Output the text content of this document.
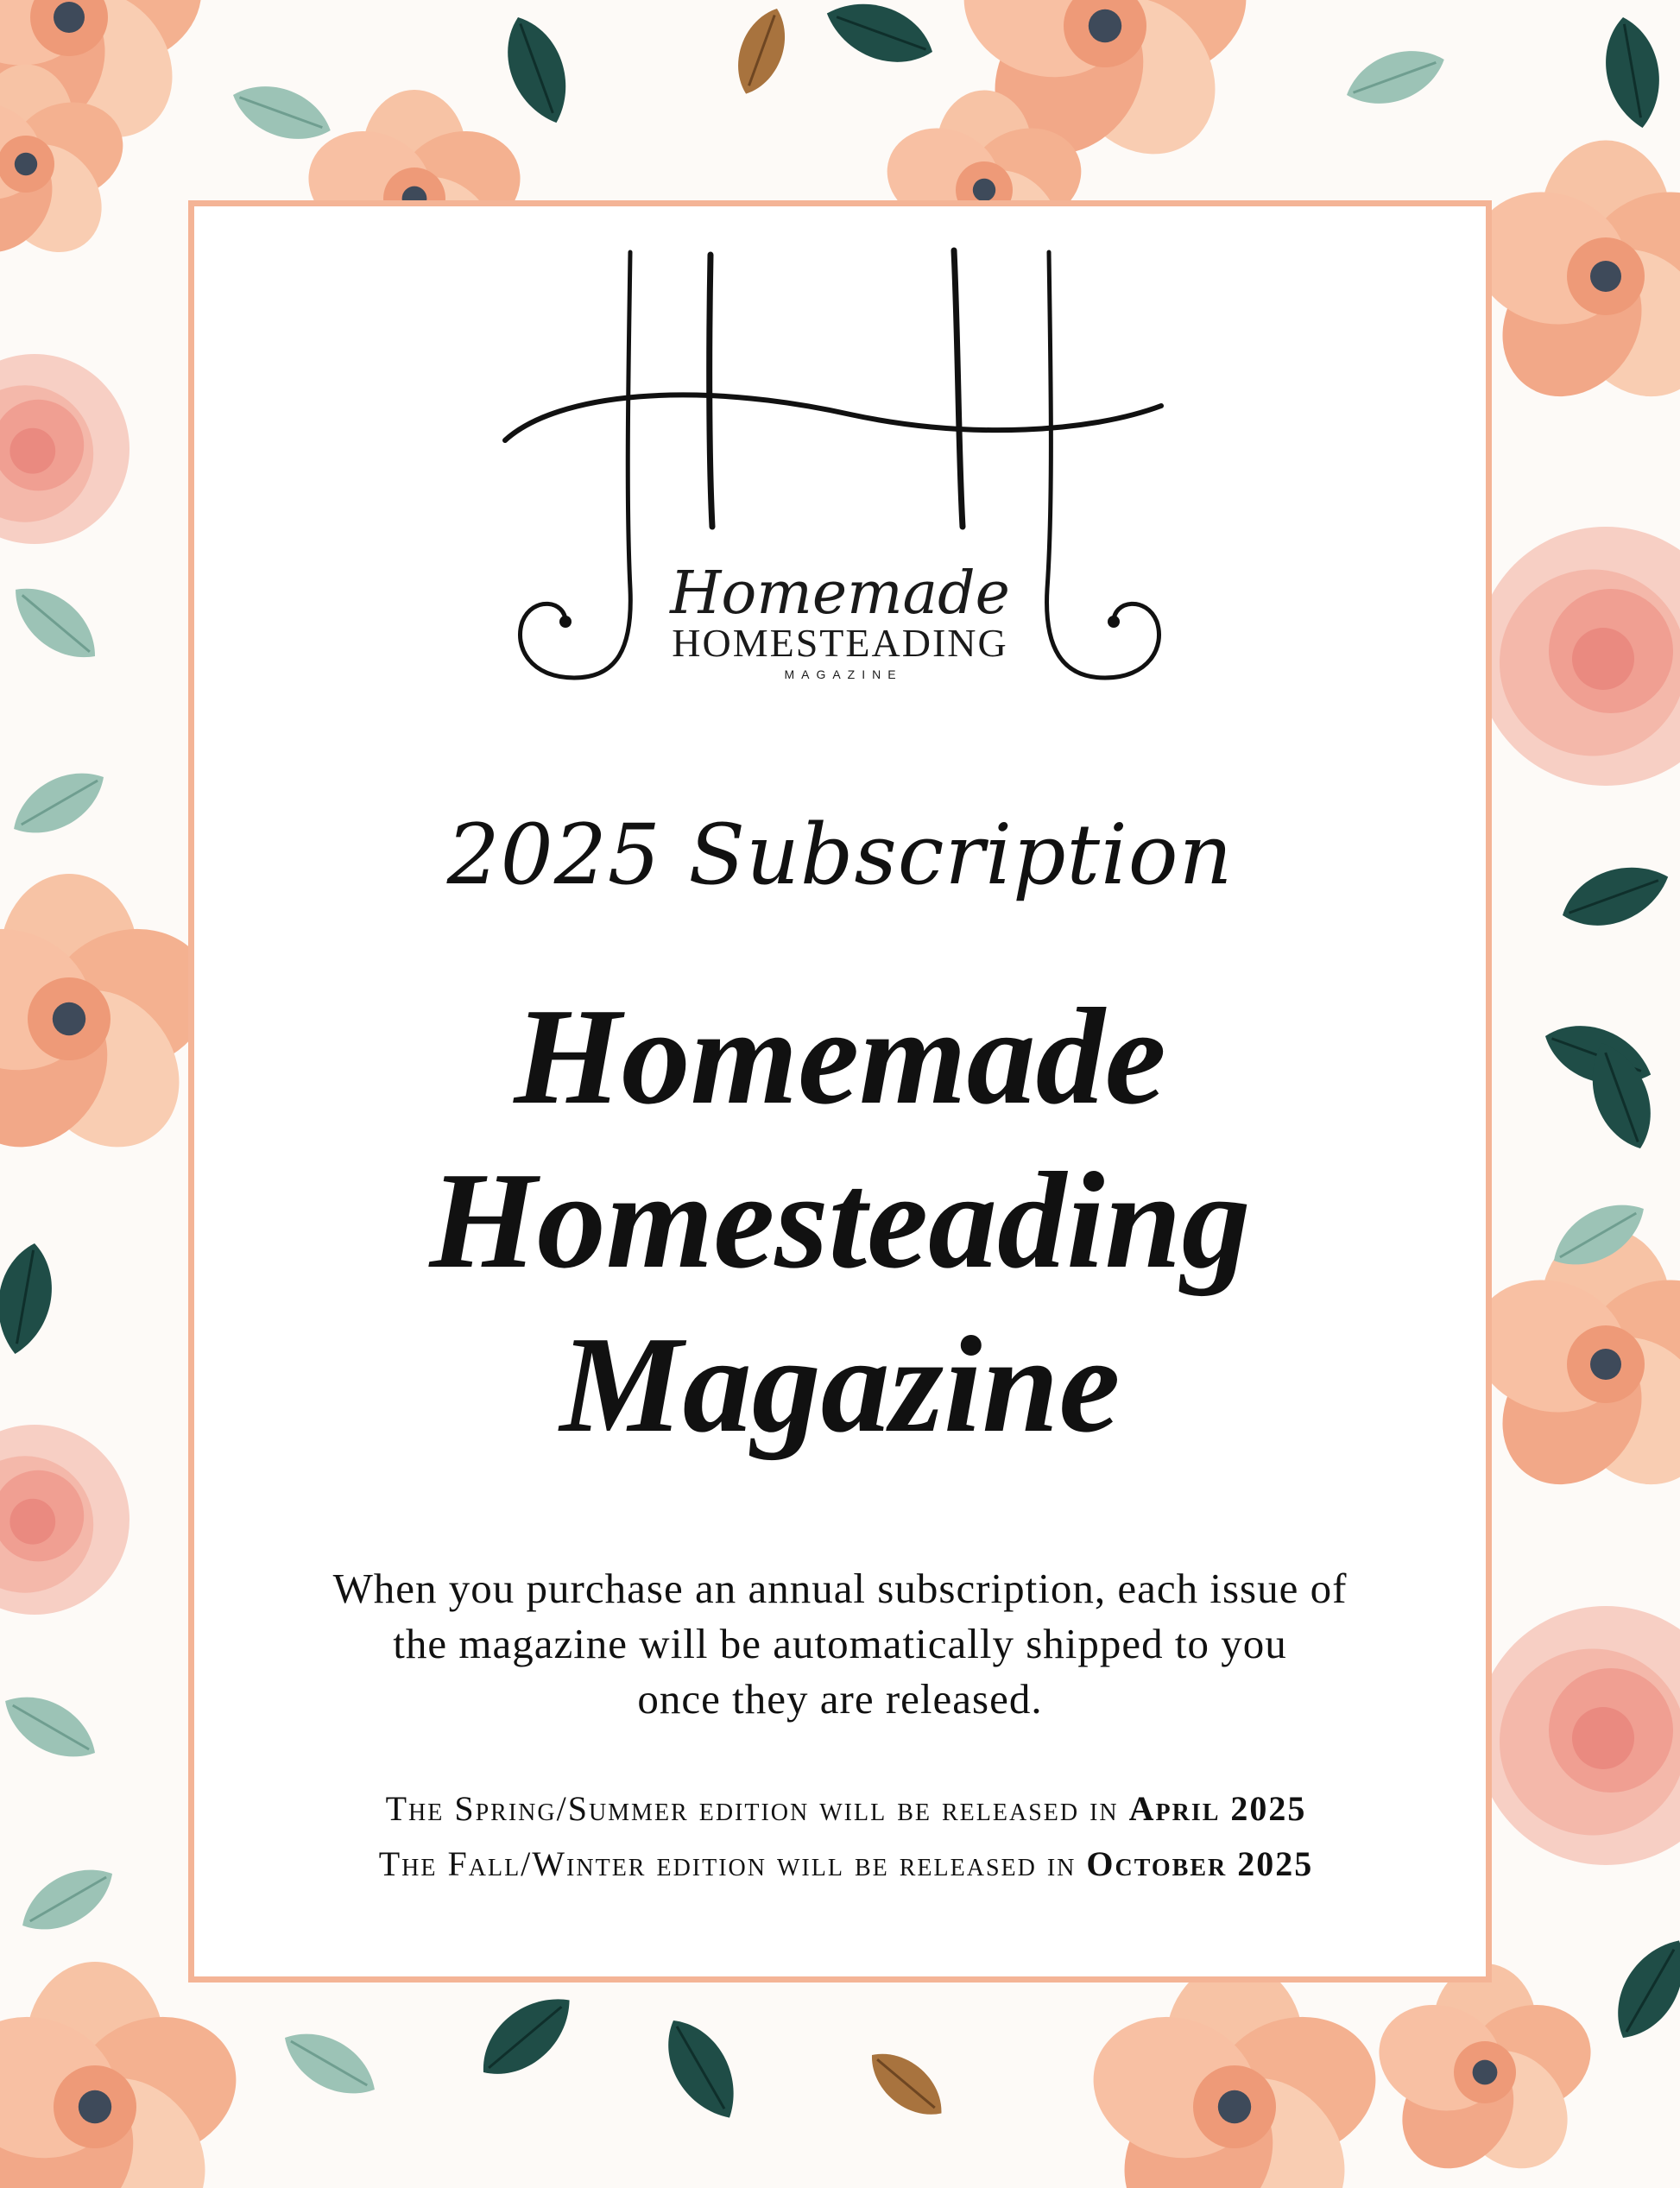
Homemade
HOMESTEADING
MAGAZINE

2025 Subscription

Homemade
Homesteading
Magazine

When you purchase an annual subscription, each issue of
the magazine will be automatically shipped to you
once they are released.

The Spring/Summer edition will be released in April 2025
The Fall/Winter edition will be released in October 2025
